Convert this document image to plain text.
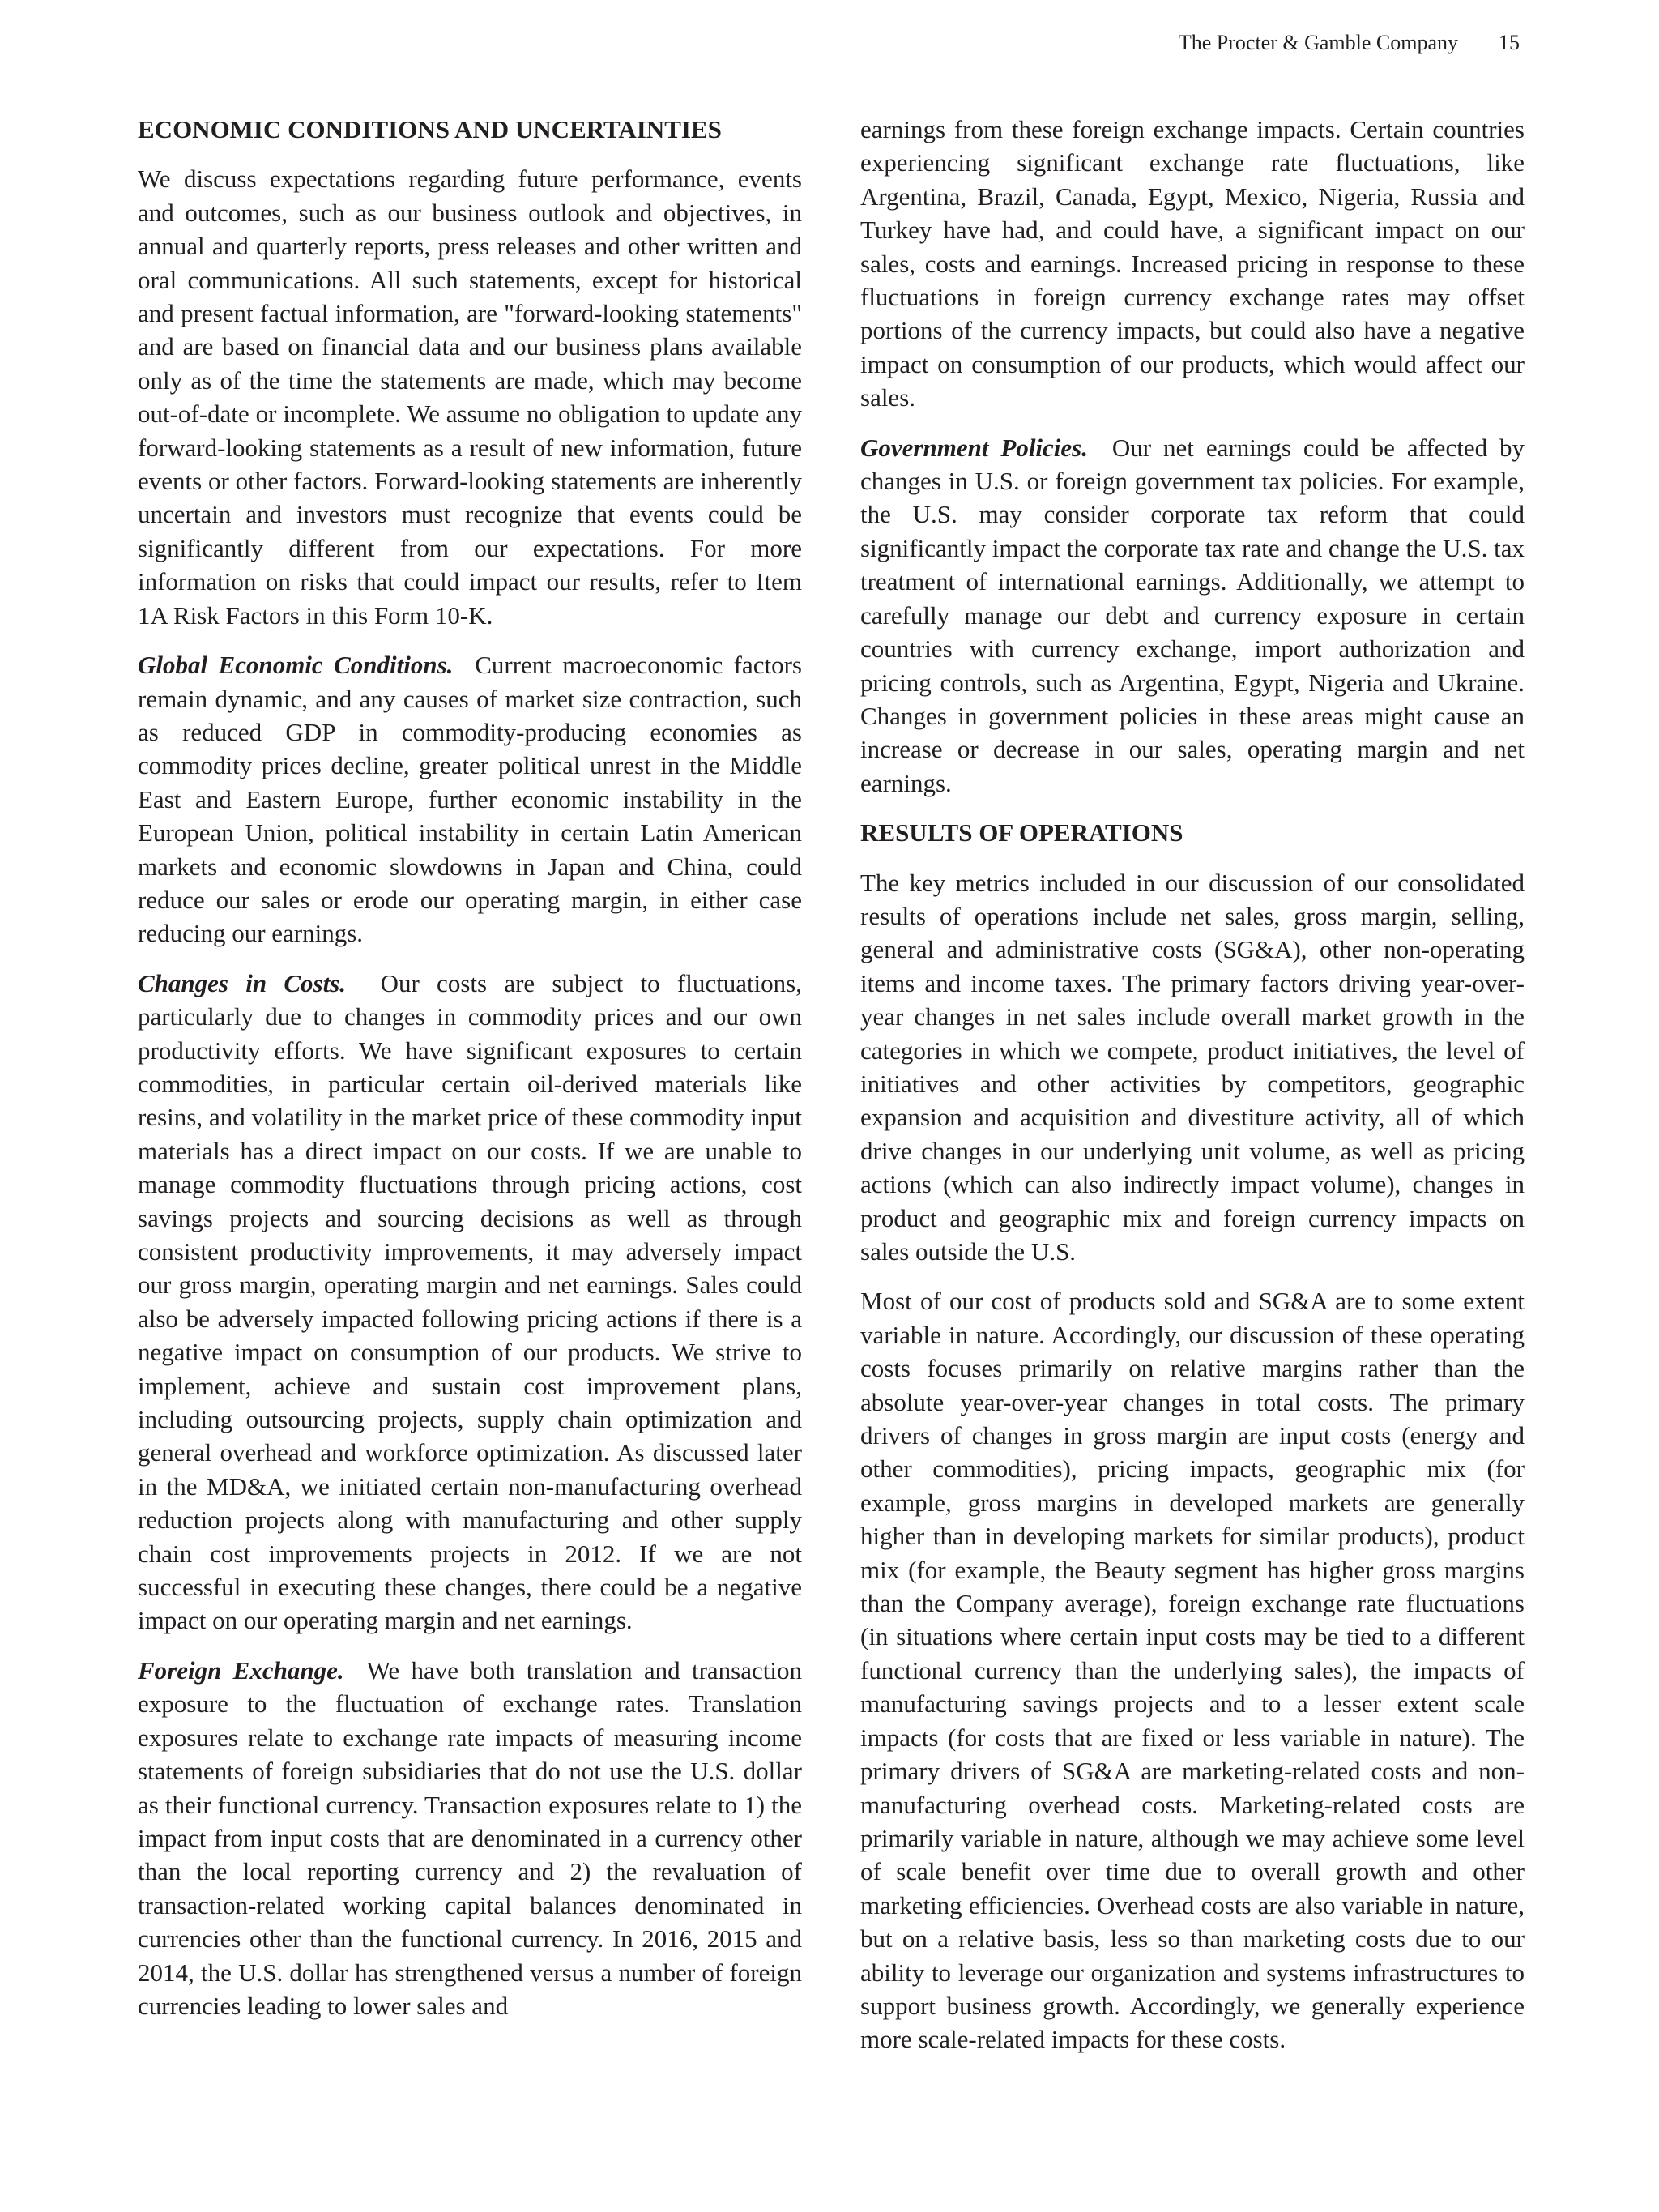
The Procter & Gamble Company 15
ECONOMIC CONDITIONS AND UNCERTAINTIES

We discuss expectations regarding future performance, events and outcomes, such as our business outlook and objectives, in annual and quarterly reports, press releases and other written and oral communications. All such statements, except for historical and present factual information, are "forward-looking statements" and are based on financial data and our business plans available only as of the time the statements are made, which may become out-of-date or incomplete. We assume no obligation to update any forward-looking statements as a result of new information, future events or other factors. Forward-looking statements are inherently uncertain and investors must recognize that events could be significantly different from our expectations. For more information on risks that could impact our results, refer to Item 1A Risk Factors in this Form 10-K.

Global Economic Conditions. Current macroeconomic factors remain dynamic, and any causes of market size contraction, such as reduced GDP in commodity-producing economies as commodity prices decline, greater political unrest in the Middle East and Eastern Europe, further economic instability in the European Union, political instability in certain Latin American markets and economic slowdowns in Japan and China, could reduce our sales or erode our operating margin, in either case reducing our earnings.

Changes in Costs. Our costs are subject to fluctuations, particularly due to changes in commodity prices and our own productivity efforts. We have significant exposures to certain commodities, in particular certain oil-derived materials like resins, and volatility in the market price of these commodity input materials has a direct impact on our costs. If we are unable to manage commodity fluctuations through pricing actions, cost savings projects and sourcing decisions as well as through consistent productivity improvements, it may adversely impact our gross margin, operating margin and net earnings. Sales could also be adversely impacted following pricing actions if there is a negative impact on consumption of our products. We strive to implement, achieve and sustain cost improvement plans, including outsourcing projects, supply chain optimization and general overhead and workforce optimization. As discussed later in the MD&A, we initiated certain non-manufacturing overhead reduction projects along with manufacturing and other supply chain cost improvements projects in 2012. If we are not successful in executing these changes, there could be a negative impact on our operating margin and net earnings.

Foreign Exchange. We have both translation and transaction exposure to the fluctuation of exchange rates. Translation exposures relate to exchange rate impacts of measuring income statements of foreign subsidiaries that do not use the U.S. dollar as their functional currency. Transaction exposures relate to 1) the impact from input costs that are denominated in a currency other than the local reporting currency and 2) the revaluation of transaction-related working capital balances denominated in currencies other than the functional currency. In 2016, 2015 and 2014, the U.S. dollar has strengthened versus a number of foreign currencies leading to lower sales and

earnings from these foreign exchange impacts. Certain countries experiencing significant exchange rate fluctuations, like Argentina, Brazil, Canada, Egypt, Mexico, Nigeria, Russia and Turkey have had, and could have, a significant impact on our sales, costs and earnings. Increased pricing in response to these fluctuations in foreign currency exchange rates may offset portions of the currency impacts, but could also have a negative impact on consumption of our products, which would affect our sales.

Government Policies. Our net earnings could be affected by changes in U.S. or foreign government tax policies. For example, the U.S. may consider corporate tax reform that could significantly impact the corporate tax rate and change the U.S. tax treatment of international earnings. Additionally, we attempt to carefully manage our debt and currency exposure in certain countries with currency exchange, import authorization and pricing controls, such as Argentina, Egypt, Nigeria and Ukraine. Changes in government policies in these areas might cause an increase or decrease in our sales, operating margin and net earnings.

RESULTS OF OPERATIONS

The key metrics included in our discussion of our consolidated results of operations include net sales, gross margin, selling, general and administrative costs (SG&A), other non-operating items and income taxes. The primary factors driving year-over-year changes in net sales include overall market growth in the categories in which we compete, product initiatives, the level of initiatives and other activities by competitors, geographic expansion and acquisition and divestiture activity, all of which drive changes in our underlying unit volume, as well as pricing actions (which can also indirectly impact volume), changes in product and geographic mix and foreign currency impacts on sales outside the U.S.

Most of our cost of products sold and SG&A are to some extent variable in nature. Accordingly, our discussion of these operating costs focuses primarily on relative margins rather than the absolute year-over-year changes in total costs. The primary drivers of changes in gross margin are input costs (energy and other commodities), pricing impacts, geographic mix (for example, gross margins in developed markets are generally higher than in developing markets for similar products), product mix (for example, the Beauty segment has higher gross margins than the Company average), foreign exchange rate fluctuations (in situations where certain input costs may be tied to a different functional currency than the underlying sales), the impacts of manufacturing savings projects and to a lesser extent scale impacts (for costs that are fixed or less variable in nature). The primary drivers of SG&A are marketing-related costs and non-manufacturing overhead costs. Marketing-related costs are primarily variable in nature, although we may achieve some level of scale benefit over time due to overall growth and other marketing efficiencies. Overhead costs are also variable in nature, but on a relative basis, less so than marketing costs due to our ability to leverage our organization and systems infrastructures to support business growth. Accordingly, we generally experience more scale-related impacts for these costs.
